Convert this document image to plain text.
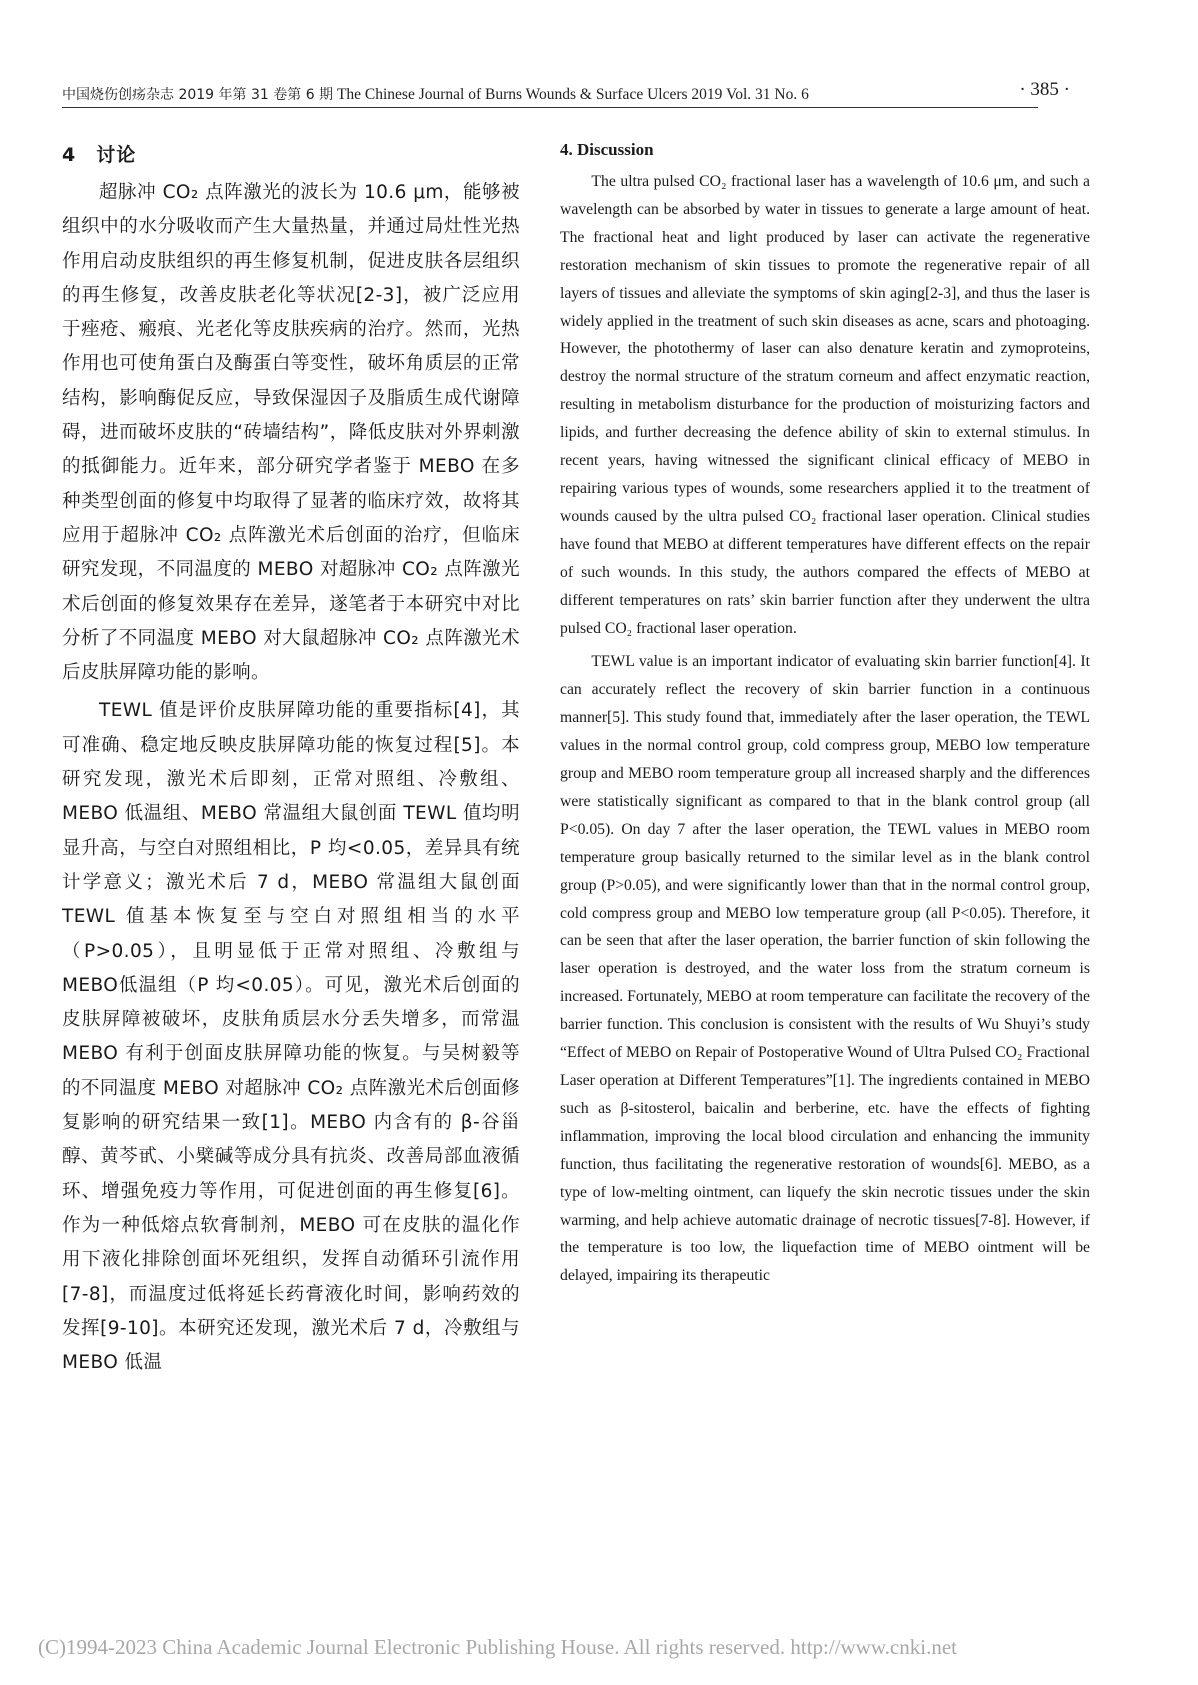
中国烧伤创疡杂志 2019 年第 31 卷第 6 期 The Chinese Journal of Burns Wounds & Surface Ulcers 2019 Vol. 31 No. 6	· 385 ·
4　讨论

超脉冲 CO₂ 点阵激光的波长为 10.6 μm，能够被组织中的水分吸收而产生大量热量，并通过局灶性光热作用启动皮肤组织的再生修复机制，促进皮肤各层组织的再生修复，改善皮肤老化等状况[2-3]，被广泛应用于痤疮、瘢痕、光老化等皮肤疾病的治疗。然而，光热作用也可使角蛋白及酶蛋白等变性，破坏角质层的正常结构，影响酶促反应，导致保湿因子及脂质生成代谢障碍，进而破坏皮肤的“砖墙结构”，降低皮肤对外界刺激的抵御能力。近年来，部分研究学者鉴于 MEBO 在多种类型创面的修复中均取得了显著的临床疗效，故将其应用于超脉冲 CO₂ 点阵激光术后创面的治疗，但临床研究发现，不同温度的 MEBO 对超脉冲 CO₂ 点阵激光术后创面的修复效果存在差异，遂笔者于本研究中对比分析了不同温度 MEBO 对大鼠超脉冲 CO₂ 点阵激光术后皮肤屏障功能的影响。

TEWL 值是评价皮肤屏障功能的重要指标[4]，其可准确、稳定地反映皮肤屏障功能的恢复过程[5]。本研究发现，激光术后即刻，正常对照组、冷敷组、MEBO 低温组、MEBO 常温组大鼠创面 TEWL 值均明显升高，与空白对照组相比，P 均<0.05，差异具有统计学意义；激光术后 7 d，MEBO 常温组大鼠创面 TEWL 值基本恢复至与空白对照组相当的水平（P>0.05），且明显低于正常对照组、冷敷组与 MEBO低温组（P 均<0.05）。可见，激光术后创面的皮肤屏障被破坏，皮肤角质层水分丢失增多，而常温 MEBO 有利于创面皮肤屏障功能的恢复。与吴树毅等的不同温度 MEBO 对超脉冲 CO₂ 点阵激光术后创面修复影响的研究结果一致[1]。MEBO 内含有的 β-谷甾醇、黄芩甙、小檗碱等成分具有抗炎、改善局部血液循环、增强免疫力等作用，可促进创面的再生修复[6]。作为一种低熔点软膏制剂，MEBO 可在皮肤的温化作用下液化排除创面坏死组织，发挥自动循环引流作用[7-8]，而温度过低将延长药膏液化时间，影响药效的发挥[9-10]。本研究还发现，激光术后 7 d，冷敷组与 MEBO 低温

4. Discussion

The ultra pulsed CO₂ fractional laser has a wavelength of 10.6 μm, and such a wavelength can be absorbed by water in tissues to generate a large amount of heat. The fractional heat and light produced by laser can activate the regenerative restoration mechanism of skin tissues to promote the regenerative repair of all layers of tissues and alleviate the symptoms of skin aging[2-3], and thus the laser is widely applied in the treatment of such skin diseases as acne, scars and photoaging. However, the photothermy of laser can also denature keratin and zymoproteins, destroy the normal structure of the stratum corneum and affect enzymatic reaction, resulting in metabolism disturbance for the production of moisturizing factors and lipids, and further decreasing the defence ability of skin to external stimulus. In recent years, having witnessed the significant clinical efficacy of MEBO in repairing various types of wounds, some researchers applied it to the treatment of wounds caused by the ultra pulsed CO₂ fractional laser operation. Clinical studies have found that MEBO at different temperatures have different effects on the repair of such wounds. In this study, the authors compared the effects of MEBO at different temperatures on rats’ skin barrier function after they underwent the ultra pulsed CO₂ fractional laser operation.

TEWL value is an important indicator of evaluating skin barrier function[4]. It can accurately reflect the recovery of skin barrier function in a continuous manner[5]. This study found that, immediately after the laser operation, the TEWL values in the normal control group, cold compress group, MEBO low temperature group and MEBO room temperature group all increased sharply and the differences were statistically significant as compared to that in the blank control group (all P<0.05). On day 7 after the laser operation, the TEWL values in MEBO room temperature group basically returned to the similar level as in the blank control group (P>0.05), and were significantly lower than that in the normal control group, cold compress group and MEBO low temperature group (all P<0.05). Therefore, it can be seen that after the laser operation, the barrier function of skin following the laser operation is destroyed, and the water loss from the stratum corneum is increased. Fortunately, MEBO at room temperature can facilitate the recovery of the barrier function. This conclusion is consistent with the results of Wu Shuyi’s study “Effect of MEBO on Repair of Postoperative Wound of Ultra Pulsed CO₂ Fractional Laser operation at Different Temperatures”[1]. The ingredients contained in MEBO such as β-sitosterol, baicalin and berberine, etc. have the effects of fighting inflammation, improving the local blood circulation and enhancing the immunity function, thus facilitating the regenerative restoration of wounds[6]. MEBO, as a type of low-melting ointment, can liquefy the skin necrotic tissues under the skin warming, and help achieve automatic drainage of necrotic tissues[7-8]. However, if the temperature is too low, the liquefaction time of MEBO ointment will be delayed, impairing its therapeutic

(C)1994-2023 China Academic Journal Electronic Publishing House. All rights reserved. http://www.cnki.net
